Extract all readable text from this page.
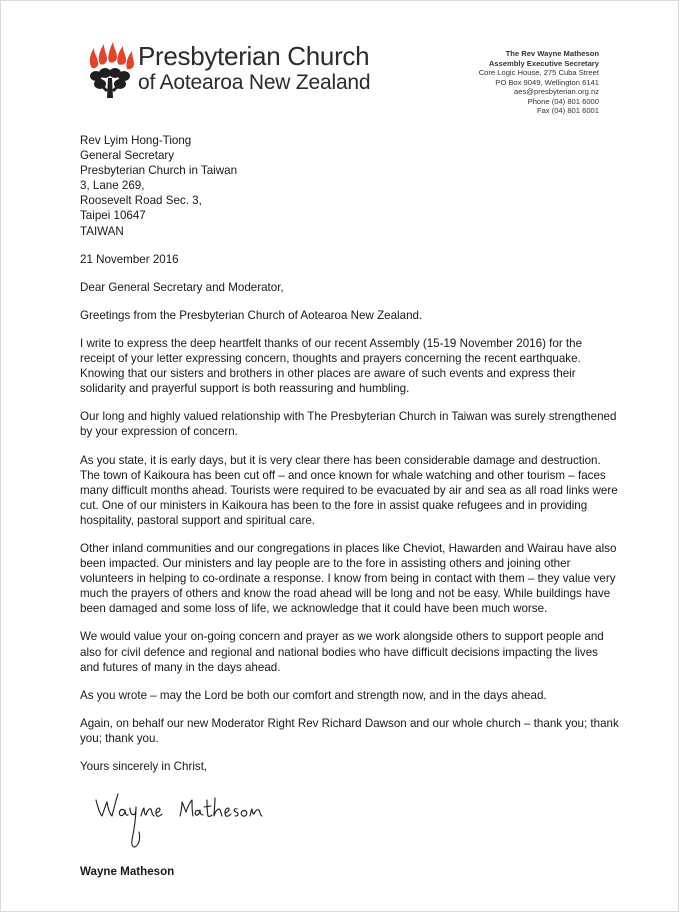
Presbyterian Church
of Aotearoa New Zealand
The Rev Wayne Matheson
Assembly Executive Secretary
Core Logic House, 275 Cuba Street
PO Box 9049, Wellington 6141
aes@presbyterian.org.nz
Phone (04) 801 6000
Fax (04) 801 6001
Rev Lyim Hong-Tiong
General Secretary
Presbyterian Church in Taiwan
3, Lane 269,
Roosevelt Road Sec. 3,
Taipei 10647
TAIWAN
21 November 2016
Dear General Secretary and Moderator,

Greetings from the Presbyterian Church of Aotearoa New Zealand.

I write to express the deep heartfelt thanks of our recent Assembly (15-19 November 2016) for the receipt of your letter expressing concern, thoughts and prayers concerning the recent earthquake. Knowing that our sisters and brothers in other places are aware of such events and express their solidarity and prayerful support is both reassuring and humbling.

Our long and highly valued relationship with The Presbyterian Church in Taiwan was surely strengthened by your expression of concern.

As you state, it is early days, but it is very clear there has been considerable damage and destruction. The town of Kaikoura has been cut off – and once known for whale watching and other tourism – faces many difficult months ahead. Tourists were required to be evacuated by air and sea as all road links were cut. One of our ministers in Kaikoura has been to the fore in assist quake refugees and in providing hospitality, pastoral support and spiritual care.

Other inland communities and our congregations in places like Cheviot, Hawarden and Wairau have also been impacted. Our ministers and lay people are to the fore in assisting others and joining other volunteers in helping to co-ordinate a response. I know from being in contact with them – they value very much the prayers of others and know the road ahead will be long and not be easy. While buildings have been damaged and some loss of life, we acknowledge that it could have been much worse.

We would value your on-going concern and prayer as we work alongside others to support people and also for civil defence and regional and national bodies who have difficult decisions impacting the lives and futures of many in the days ahead.

As you wrote – may the Lord be both our comfort and strength now, and in the days ahead.

Again, on behalf our new Moderator Right Rev Richard Dawson and our whole church – thank you; thank you; thank you.

Yours sincerely in Christ,
Wayne Matheson
